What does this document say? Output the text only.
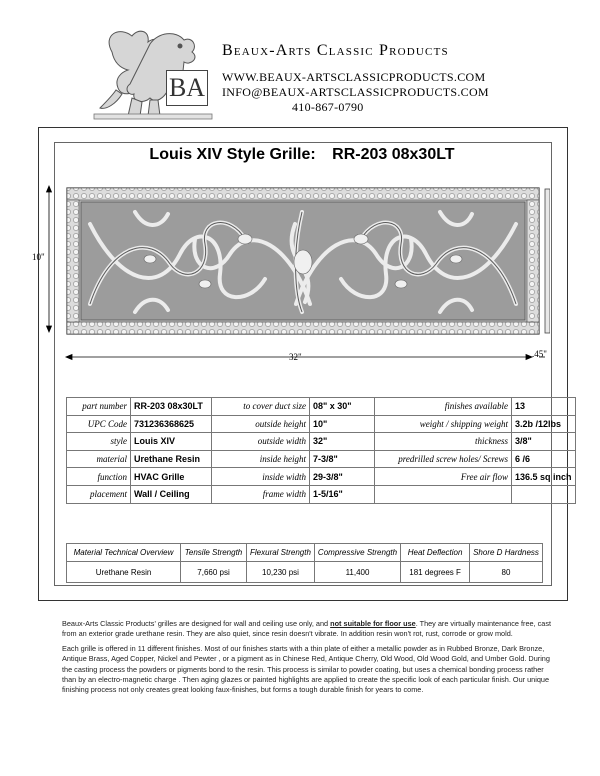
BA
Beaux-Arts Classic Products
WWW.BEAUX-ARTSCLASSICPRODUCTS.COM
INFO@BEAUX-ARTSCLASSICPRODUCTS.COM
410-867-0790
Louis XIV Style Grille: RR-203 08x30LT
10"
32"	.45"
part number	RR-203 08x30LT	to cover duct size	08" x 30"	finishes available	13
UPC Code	731236368625	outside height	10"	weight / shipping weight	3.2b /12lbs
style	Louis XIV	outside width	32"	thickness	3/8"
material	Urethane Resin	inside height	7-3/8"	predrilled screw holes/ Screws	6 /6
function	HVAC Grille	inside width	29-3/8"	Free air flow	136.5 sq inch
placement	Wall / Ceiling	frame width	1-5/16"		
Material Technical Overview	Tensile Strength	Flexural Strength	Compressive Strength	Heat Deflection	Shore D Hardness
Urethane Resin	7,660 psi	10,230 psi	11,400	181 degrees F	80

Beaux-Arts Classic Products' grilles are designed for wall and ceiling use only, and not suitable for floor use. They are virtually maintenance free, cast from an exterior grade urethane resin. They are also quiet, since resin doesn't vibrate. In addition resin won't rot, rust, corrode or grow mold.

Each grille is offered in 11 different finishes. Most of our finishes starts with a thin plate of either a metallic powder as in Rubbed Bronze, Dark Bronze, Antique Brass, Aged Copper, Nickel and Pewter , or a pigment as in Chinese Red, Antique Cherry, Old Wood, Old Wood Gold, and Umber Gold. During the casting process the powders or pigments bond to the resin. This process is similar to powder coating, but uses a chemical bonding process rather than by an electro-magnetic charge . Then aging glazes or painted highlights are applied to create the specific look of each particular finish. Our unique finishing process not only creates great looking faux-finishes, but forms a tough durable finish for years to come.
